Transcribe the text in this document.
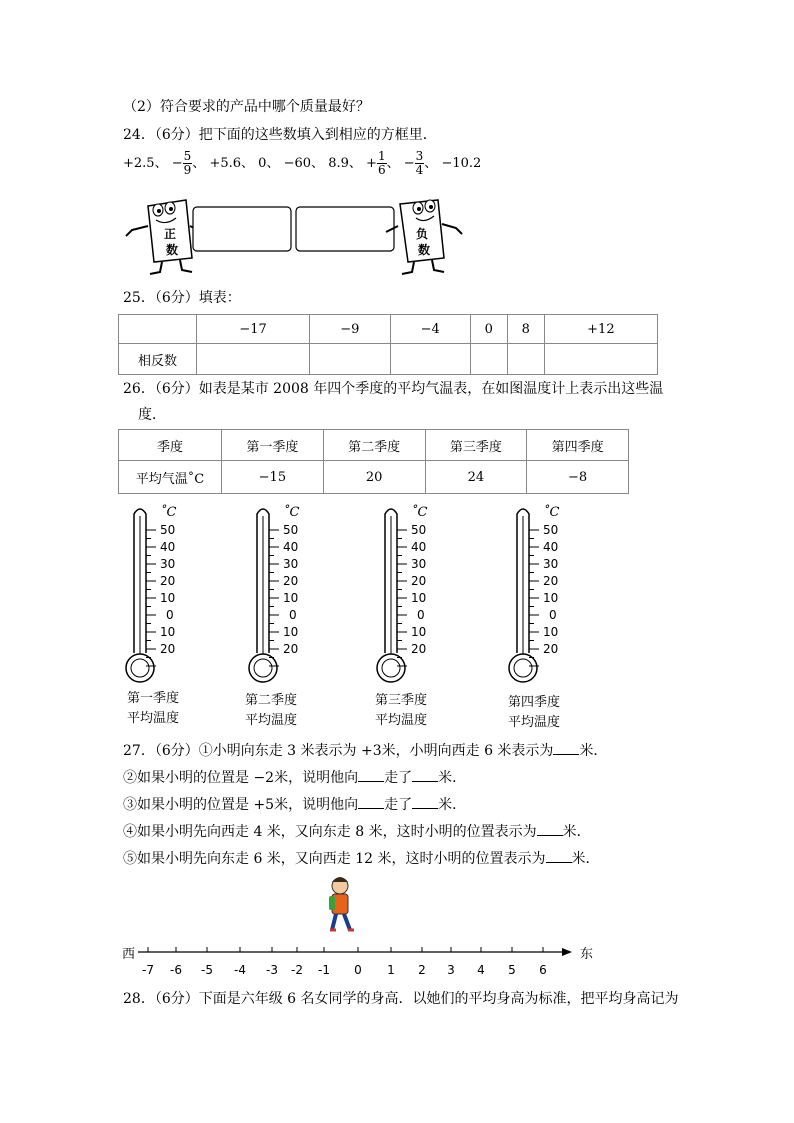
（2）符合要求的产品中哪个质量最好？
24．（6分）把下面的这些数填入到相应的方框里．
+2.5、 − $\frac{5}{9}$ 、 +5.6、 0、 −60、 8.9、 + $\frac{1}{6}$ 、 − $\frac{3}{4}$ 、 −10.2
正
数
负
数
25．（6分）填表：
	−17	−9	−4	0	8	+12
相反数						
26．（6分）如表是某市 2008 年四个季度的平均气温表，在如图温度计上表示出这些温
度．
季度	第一季度	第二季度	第三季度	第四季度
平均气温˚C	−15	20	24	−8
˚C
50
40
30
20
10
0
10
20
˚C
50
40
30
20
10
0
10
20
˚C
50
40
30
20
10
0
10
20
˚C
50
40
30
20
10
0
10
20
第一季度
平均温度
第二季度
平均温度
第三季度
平均温度
第四季度
平均温度
27．（6分）①小明向东走 3 米表示为 +3米，小明向西走 6 米表示为 米．
②如果小明的位置是 −2米，说明他向 走了 米．
③如果小明的位置是 +5米，说明他向 走了 米．
④如果小明先向西走 4 米，又向东走 8 米，这时小明的位置表示为 米．
⑤如果小明先向东走 6 米，又向西走 12 米，这时小明的位置表示为 米．
西	东
-7 -6 -5 -4 -3 -2 -1 0 1 2 3 4 5 6
28．（6分）下面是六年级 6 名女同学的身高．以她们的平均身高为标准，把平均身高记为
